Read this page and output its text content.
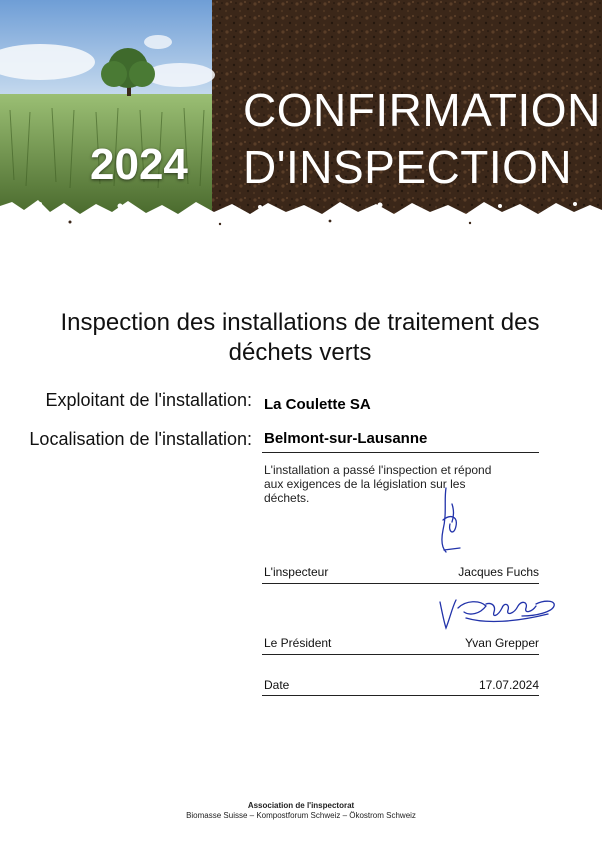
2024
CONFIRMATION
D'INSPECTION
Inspection des installations de traitement des
déchets verts
Exploitant de l'installation: La Coulette SA
Localisation de l'installation: Belmont-sur-Lausanne
L'installation a passé l'inspection et répond
aux exigences de la législation sur les
déchets.
L'inspecteur	Jacques Fuchs
Le Président	Yvan Grepper
Date	17.07.2024
Association de l'inspectorat
Biomasse Suisse – Kompostforum Schweiz – Ökostrom Schweiz
